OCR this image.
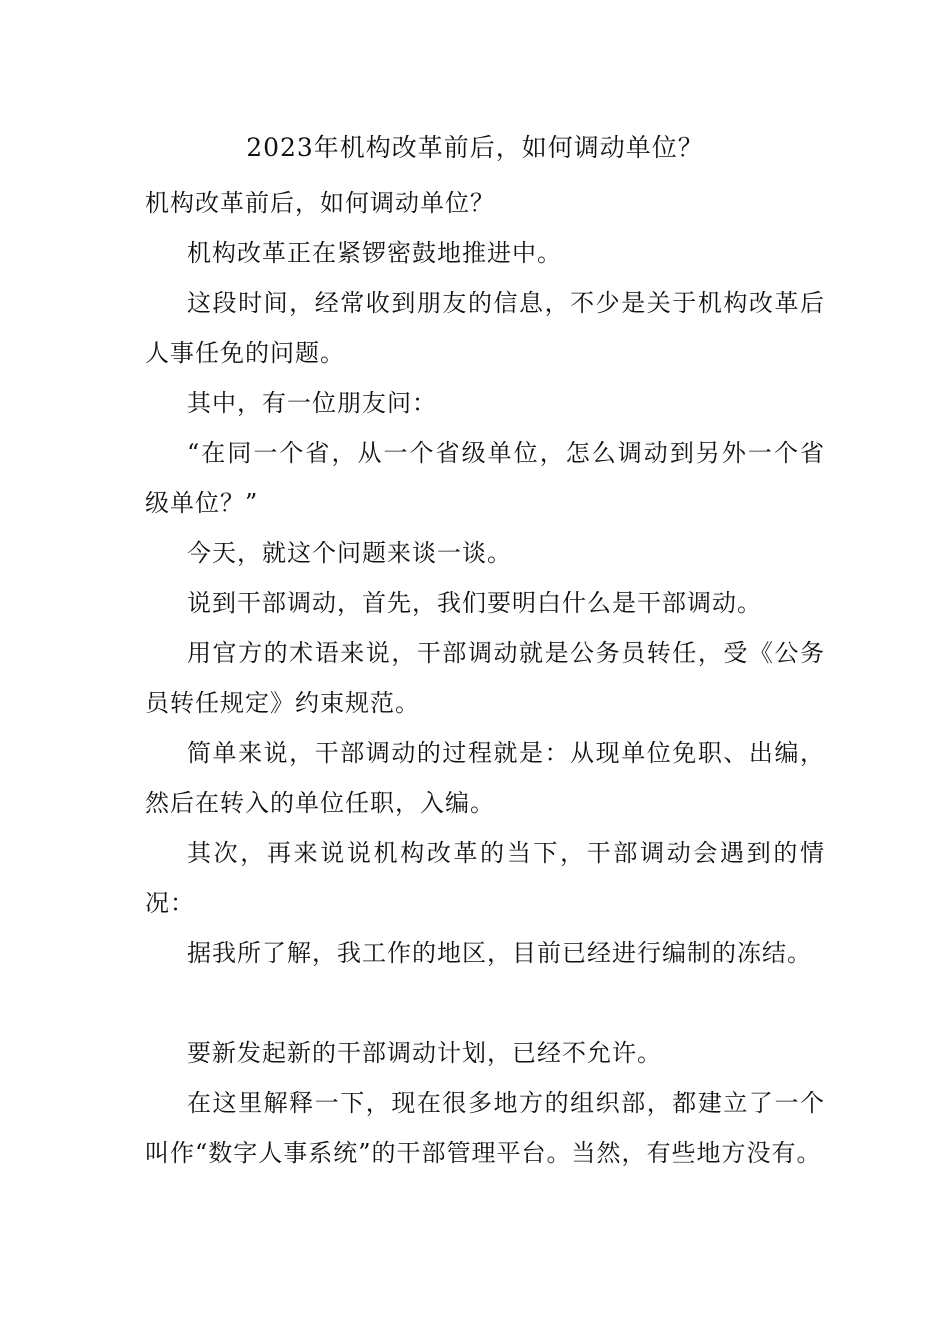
2023年机构改革前后，如何调动单位？

机构改革前后，如何调动单位？

机构改革正在紧锣密鼓地推进中。

这段时间，经常收到朋友的信息，不少是关于机构改革后人事任免的问题。

其中，有一位朋友问：

“在同一个省，从一个省级单位，怎么调动到另外一个省级单位？”

今天，就这个问题来谈一谈。

说到干部调动，首先，我们要明白什么是干部调动。

用官方的术语来说，干部调动就是公务员转任，受《公务员转任规定》约束规范。

简单来说，干部调动的过程就是：从现单位免职、出编，然后在转入的单位任职，入编。

其次，再来说说机构改革的当下，干部调动会遇到的情况：

据我所了解，我工作的地区，目前已经进行编制的冻结。

要新发起新的干部调动计划，已经不允许。

在这里解释一下，现在很多地方的组织部，都建立了一个叫作“数字人事系统”的干部管理平台。当然，有些地方没有。
